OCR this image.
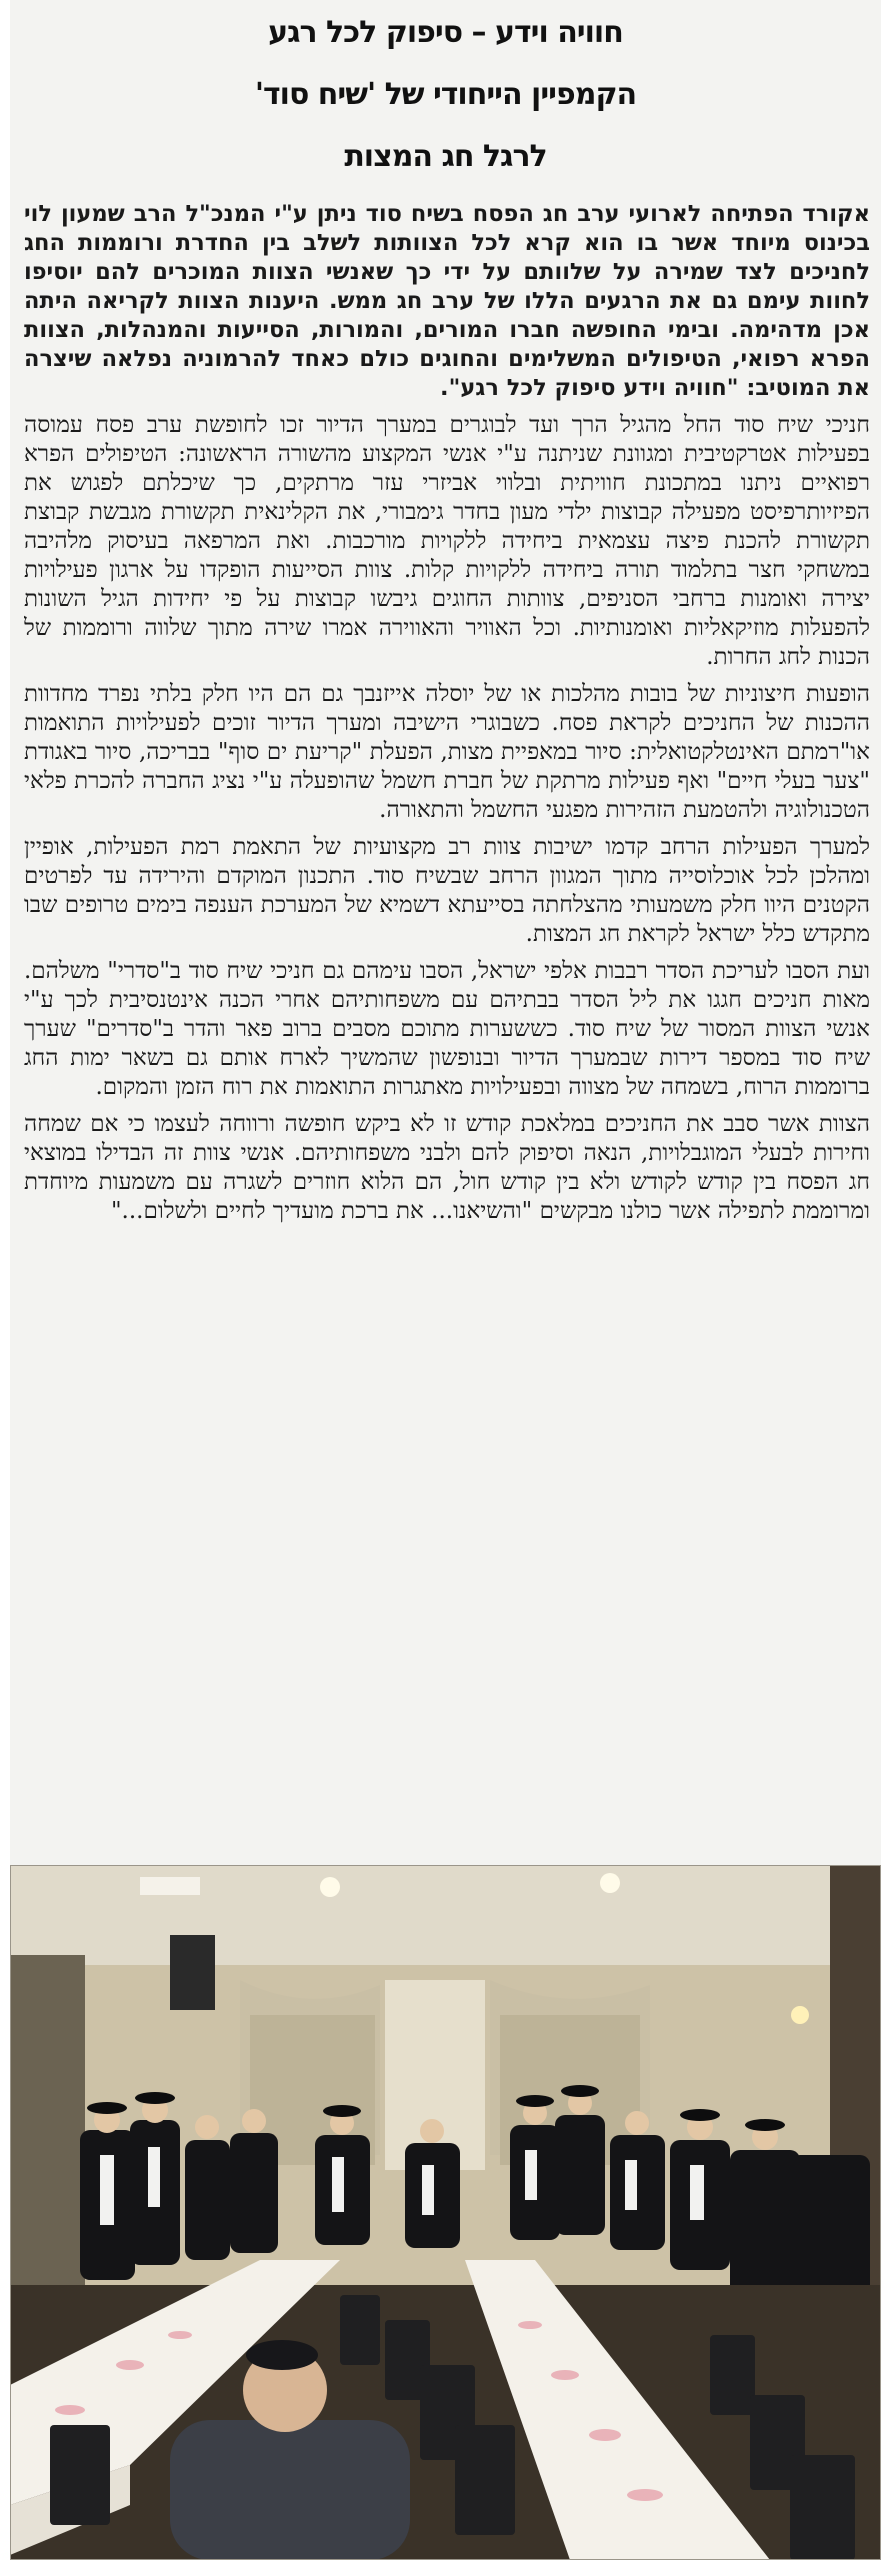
חוויה וידע – סיפוק לכל רגע
הקמפיין הייחודי של 'שיח סוד'
לרגל חג המצות

אקורד הפתיחה לארועי ערב חג הפסח בשיח סוד ניתן ע"י המנכ"ל הרב שמעון לוי בכינוס מיוחד אשר בו הוא קרא לכל הצוותות לשלב בין החדרת ורוממות החג לחניכים לצד שמירה על שלוותם על ידי כך שאנשי הצוות המוכרים להם יוסיפו לחוות עימם גם את הרגעים הללו של ערב חג ממש. היענות הצוות לקריאה היתה אכן מדהימה. ובימי החופשה חברו המורים, והמורות, הסייעות והמנהלות, הצוות הפרא רפואי, הטיפולים המשלימים והחוגים כולם כאחד להרמוניה נפלאה שיצרה את המוטיב: "חוויה וידע סיפוק לכל רגע".

חניכי שיח סוד החל מהגיל הרך ועד לבוגרים במערך הדיור זכו לחופשת ערב פסח עמוסה בפעילות אטרקטיבית ומגוונת שניתנה ע"י אנשי המקצוע מהשורה הראשונה: הטיפולים הפרא רפואיים ניתנו במתכונת חוויתית ובלווי אביזרי עזר מרתקים, כך שיכלתם לפגוש את הפיזיותרפיסט מפעילה קבוצות ילדי מעון בחדר גימבורי, את הקלינאית תקשורת מגבשת קבוצת תקשורת להכנת פיצה עצמאית ביחידה ללקויות מורכבות. ואת המרפאה בעיסוק מלהיבה במשחקי חצר בתלמוד תורה ביחידה ללקויות קלות. צוות הסייעות הופקדו על ארגון פעילויות יצירה ואומנות ברחבי הסניפים, צוותות החוגים גיבשו קבוצות על פי יחידות הגיל השונות להפעלות מוזיקאליות ואומנותיות. וכל האוויר והאווירה אמרו שירה מתוך שלווה ורוממות של הכנות לחג החרות.

הופעות חיצוניות של בובות מהלכות או של יוסלה אייזנבך גם הם היו חלק בלתי נפרד מחדוות ההכנות של החניכים לקראת פסח. כשבוגרי הישיבה ומערך הדיור זוכים לפעילויות התואמות או"רמתם האינטלקטואלית: סיור במאפיית מצות, הפעלת "קריעת ים סוף" בבריכה, סיור באגודת "צער בעלי חיים" ואף פעילות מרתקת של חברת חשמל שהופעלה ע"י נציג החברה להכרת פלאי הטכנולוגיה ולהטמעת הזהירות מפגעי החשמל והתאורה.

למערך הפעילות הרחב קדמו ישיבות צוות רב מקצועיות של התאמת רמת הפעילות, אופיין ומהלכן לכל אוכלוסייה מתוך המגוון הרחב שבשיח סוד. התכנון המוקדם והירידה עד לפרטים הקטנים היוו חלק משמעותי מהצלחתה בסייעתא דשמיא של המערכת הענפה בימים טרופים שבו מתקדש כלל ישראל לקראת חג המצות.

ועת הסבו לעריכת הסדר רבבות אלפי ישראל, הסבו עימהם גם חניכי שיח סוד ב"סדרי" משלהם. מאות חניכים חגגו את ליל הסדר בבתיהם עם משפחותיהם אחרי הכנה אינטנסיבית לכך ע"י אנשי הצוות המסור של שיח סוד. כששערות מתוכם מסבים ברוב פאר והדר ב"סדרים" שערך שיח סוד במספר דירות שבמערך הדיור ובנופשון שהמשיך לארח אותם גם בשאר ימות החג ברוממות הרוח, בשמחה של מצווה ובפעילויות מאתגרות התואמות את רוח הזמן והמקום.

הצוות אשר סבב את החניכים במלאכת קודש זו לא ביקש חופשה ורווחה לעצמו כי אם שמחה וחירות לבעלי המוגבלויות, הנאה וסיפוק להם ולבני משפחותיהם. אנשי צוות זה הבדילו במוצאי חג הפסח בין קודש לקודש ולא בין קודש חול, הם הלוא חוזרים לשגרה עם משמעות מיוחדת ומרוממת לתפילה אשר כולנו מבקשים "והשיאנו... את ברכת מועדיך לחיים ולשלום..."
